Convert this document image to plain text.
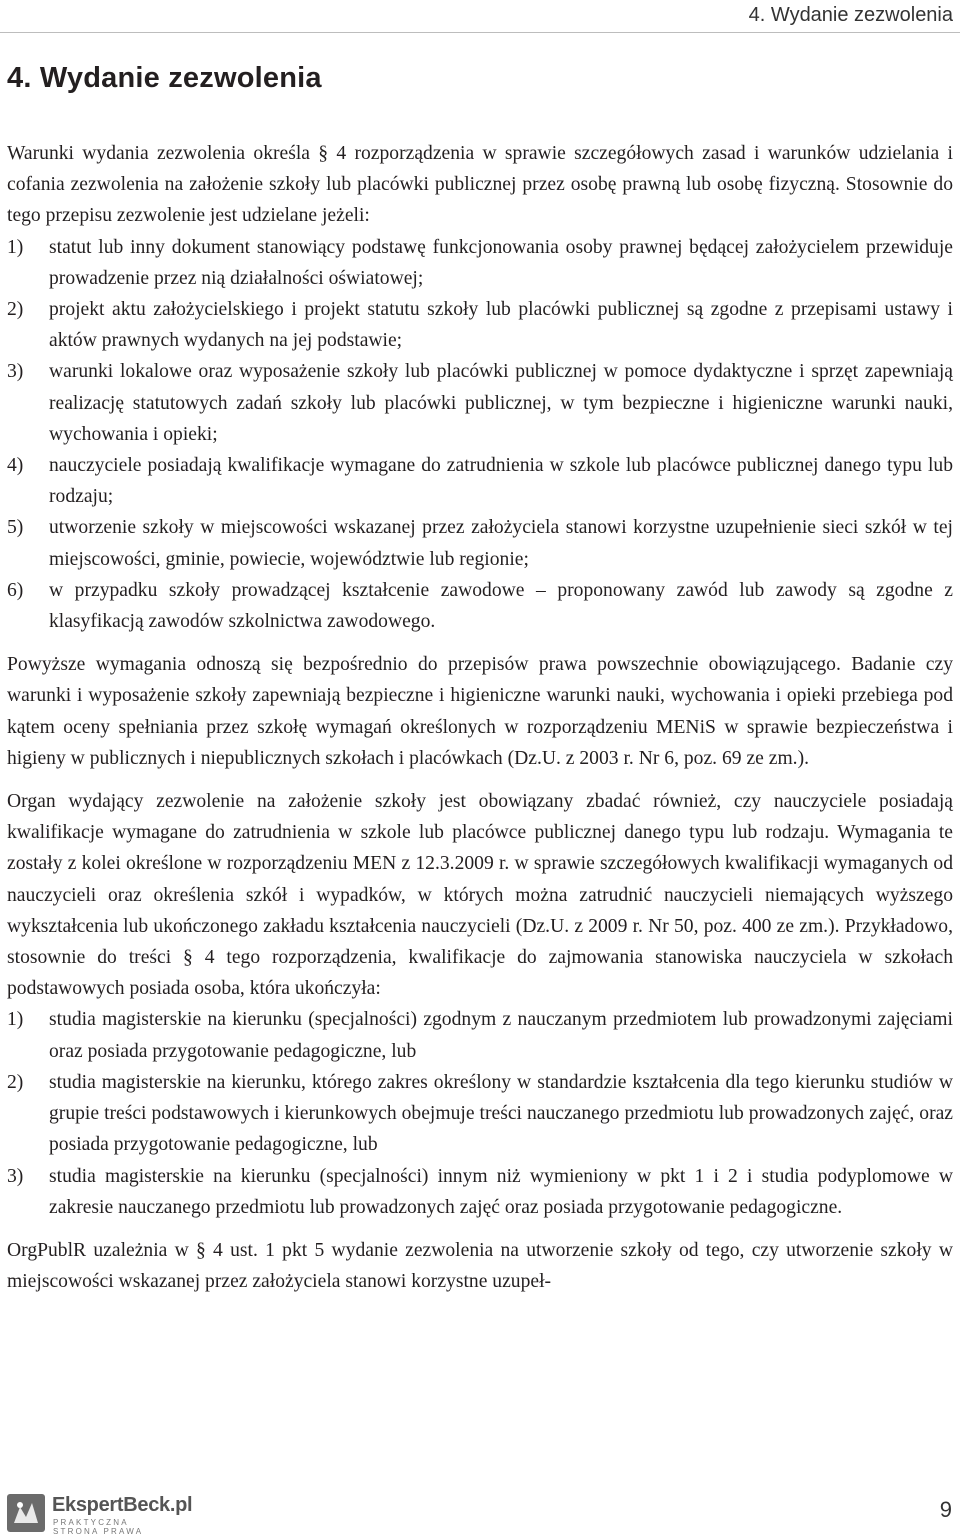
4. Wydanie zezwolenia
4. Wydanie zezwolenia

Warunki wydania zezwolenia określa § 4 rozporządzenia w sprawie szczegółowych zasad i warunków udzielania i cofania zezwolenia na założenie szkoły lub placówki publicznej przez osobę prawną lub osobę fizyczną. Stosownie do tego przepisu zezwolenie jest udzielane jeżeli:

1) statut lub inny dokument stanowiący podstawę funkcjonowania osoby prawnej będącej założycielem przewiduje prowadzenie przez nią działalności oświatowej;
2) projekt aktu założycielskiego i projekt statutu szkoły lub placówki publicznej są zgodne z przepisami ustawy i aktów prawnych wydanych na jej podstawie;
3) warunki lokalowe oraz wyposażenie szkoły lub placówki publicznej w pomoce dydaktyczne i sprzęt zapewniają realizację statutowych zadań szkoły lub placówki publicznej, w tym bezpieczne i higieniczne warunki nauki, wychowania i opieki;
4) nauczyciele posiadają kwalifikacje wymagane do zatrudnienia w szkole lub placówce publicznej danego typu lub rodzaju;
5) utworzenie szkoły w miejscowości wskazanej przez założyciela stanowi korzystne uzupełnienie sieci szkół w tej miejscowości, gminie, powiecie, województwie lub regionie;
6) w przypadku szkoły prowadzącej kształcenie zawodowe – proponowany zawód lub zawody są zgodne z klasyfikacją zawodów szkolnictwa zawodowego.

Powyższe wymagania odnoszą się bezpośrednio do przepisów prawa powszechnie obowiązującego. Badanie czy warunki i wyposażenie szkoły zapewniają bezpieczne i higieniczne warunki nauki, wychowania i opieki przebiega pod kątem oceny spełniania przez szkołę wymagań określonych w rozporządzeniu MENiS w sprawie bezpieczeństwa i higieny w publicznych i niepublicznych szkołach i placówkach (Dz.U. z 2003 r. Nr 6, poz. 69 ze zm.).

Organ wydający zezwolenie na założenie szkoły jest obowiązany zbadać również, czy nauczyciele posiadają kwalifikacje wymagane do zatrudnienia w szkole lub placówce publicznej danego typu lub rodzaju. Wymagania te zostały z kolei określone w rozporządzeniu MEN z 12.3.2009 r. w sprawie szczegółowych kwalifikacji wymaganych od nauczycieli oraz określenia szkół i wypadków, w których można zatrudnić nauczycieli niemających wyższego wykształcenia lub ukończonego zakładu kształcenia nauczycieli (Dz.U. z 2009 r. Nr 50, poz. 400 ze zm.). Przykładowo, stosownie do treści § 4 tego rozporządzenia, kwalifikacje do zajmowania stanowiska nauczyciela w szkołach podstawowych posiada osoba, która ukończyła:

1) studia magisterskie na kierunku (specjalności) zgodnym z nauczanym przedmiotem lub prowadzonymi zajęciami oraz posiada przygotowanie pedagogiczne, lub
2) studia magisterskie na kierunku, którego zakres określony w standardzie kształcenia dla tego kierunku studiów w grupie treści podstawowych i kierunkowych obejmuje treści nauczanego przedmiotu lub prowadzonych zajęć, oraz posiada przygotowanie pedagogiczne, lub
3) studia magisterskie na kierunku (specjalności) innym niż wymieniony w pkt 1 i 2 i studia podyplomowe w zakresie nauczanego przedmiotu lub prowadzonych zajęć oraz posiada przygotowanie pedagogiczne.

OrgPublR uzależnia w § 4 ust. 1 pkt 5 wydanie zezwolenia na utworzenie szkoły od tego, czy utworzenie szkoły w miejscowości wskazanej przez założyciela stanowi korzystne uzupeł-

EkspertBeck.pl
PRAKTYCZNA STRONA PRAWA
9
